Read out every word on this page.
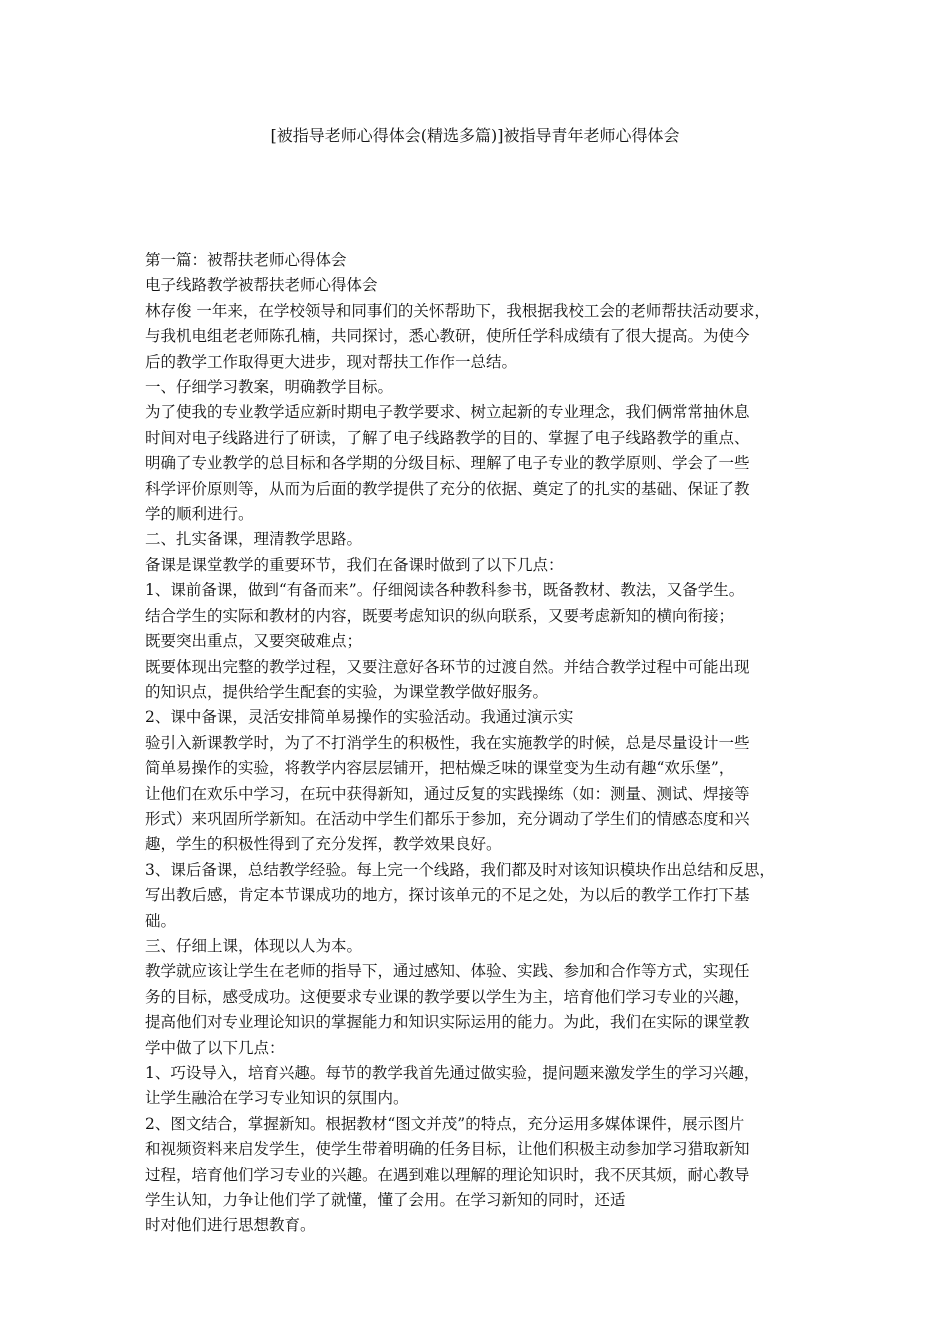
[被指导老师心得体会(精选多篇)]被指导青年老师心得体会
第一篇：被帮扶老师心得体会
电子线路教学被帮扶老师心得体会
林存俊 一年来，在学校领导和同事们的关怀帮助下，我根据我校工会的老师帮扶活动要求，
与我机电组老老师陈孔楠，共同探讨，悉心教研，使所任学科成绩有了很大提高。为使今
后的教学工作取得更大进步，现对帮扶工作作一总结。
一、仔细学习教案，明确教学目标。
为了使我的专业教学适应新时期电子教学要求、树立起新的专业理念，我们俩常常抽休息
时间对电子线路进行了研读，了解了电子线路教学的目的、掌握了电子线路教学的重点、
明确了专业教学的总目标和各学期的分级目标、理解了电子专业的教学原则、学会了一些
科学评价原则等，从而为后面的教学提供了充分的依据、奠定了的扎实的基础、保证了教
学的顺利进行。
二、扎实备课，理清教学思路。
备课是课堂教学的重要环节，我们在备课时做到了以下几点：
1、课前备课，做到“有备而来”。仔细阅读各种教科参书，既备教材、教法，又备学生。
结合学生的实际和教材的内容，既要考虑知识的纵向联系，又要考虑新知的横向衔接；
既要突出重点，又要突破难点；
既要体现出完整的教学过程，又要注意好各环节的过渡自然。并结合教学过程中可能出现
的知识点，提供给学生配套的实验，为课堂教学做好服务。
2、课中备课，灵活安排简单易操作的实验活动。我通过演示实
验引入新课教学时，为了不打消学生的积极性，我在实施教学的时候，总是尽量设计一些
简单易操作的实验，将教学内容层层铺开，把枯燥乏味的课堂变为生动有趣“欢乐堡”，
让他们在欢乐中学习，在玩中获得新知，通过反复的实践操练（如：测量、测试、焊接等
形式）来巩固所学新知。在活动中学生们都乐于参加，充分调动了学生们的情感态度和兴
趣，学生的积极性得到了充分发挥，教学效果良好。
3、课后备课，总结教学经验。每上完一个线路，我们都及时对该知识模块作出总结和反思，
写出教后感，肯定本节课成功的地方，探讨该单元的不足之处，为以后的教学工作打下基
础。
三、仔细上课，体现以人为本。
教学就应该让学生在老师的指导下，通过感知、体验、实践、参加和合作等方式，实现任
务的目标，感受成功。这便要求专业课的教学要以学生为主，培育他们学习专业的兴趣，
提高他们对专业理论知识的掌握能力和知识实际运用的能力。为此，我们在实际的课堂教
学中做了以下几点：
1、巧设导入，培育兴趣。每节的教学我首先通过做实验，提问题来激发学生的学习兴趣，
让学生融洽在学习专业知识的氛围内。
2、图文结合，掌握新知。根据教材“图文并茂”的特点，充分运用多媒体课件，展示图片
和视频资料来启发学生，使学生带着明确的任务目标，让他们积极主动参加学习猎取新知
过程，培育他们学习专业的兴趣。在遇到难以理解的理论知识时，我不厌其烦，耐心教导
学生认知，力争让他们学了就懂，懂了会用。在学习新知的同时，还适
时对他们进行思想教育。
